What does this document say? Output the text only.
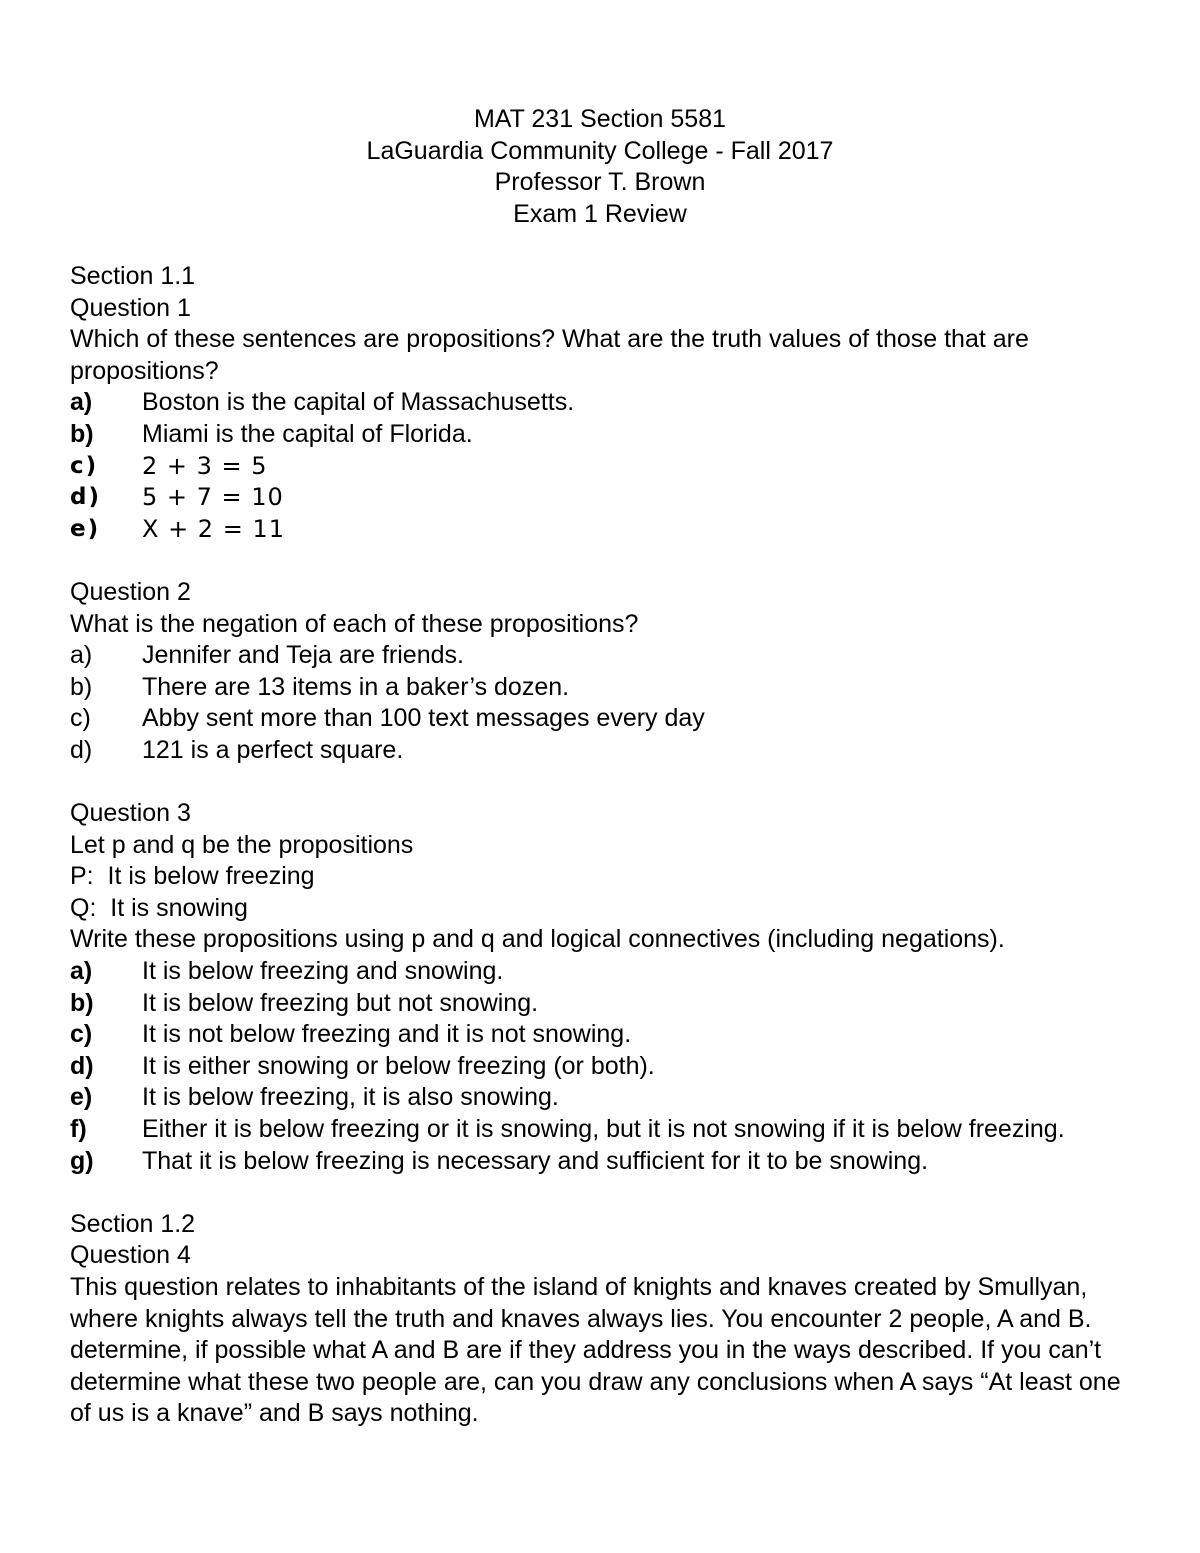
MAT 231 Section 5581
LaGuardia Community College - Fall 2017
Professor T. Brown
Exam 1 Review
Section 1.1
Question 1
Which of these sentences are propositions? What are the truth values of those that are propositions?
a)	Boston is the capital of Massachusetts.
b)	Miami is the capital of Florida.
c)	2 + 3 = 5
d)	5 + 7 = 10
e)	X + 2 = 11
Question 2
What is the negation of each of these propositions?
a)	Jennifer and Teja are friends.
b)	There are 13 items in a baker’s dozen.
c)	Abby sent more than 100 text messages every day
d)	121 is a perfect square.
Question 3
Let p and q be the propositions
P:  It is below freezing
Q:  It is snowing
Write these propositions using p and q and logical connectives (including negations).
a)	It is below freezing and snowing.
b)	It is below freezing but not snowing.
c)	It is not below freezing and it is not snowing.
d)	It is either snowing or below freezing (or both).
e)	It is below freezing, it is also snowing.
f) Either it is below freezing or it is snowing, but it is not snowing if it is below freezing.
g)	That it is below freezing is necessary and sufficient for it to be snowing.
Section 1.2
Question 4
This question relates to inhabitants of the island of knights and knaves created by Smullyan, where knights always tell the truth and knaves always lies. You encounter 2 people, A and B. determine, if possible what A and B are if they address you in the ways described. If you can’t determine what these two people are, can you draw any conclusions when A says “At least one of us is a knave” and B says nothing.
